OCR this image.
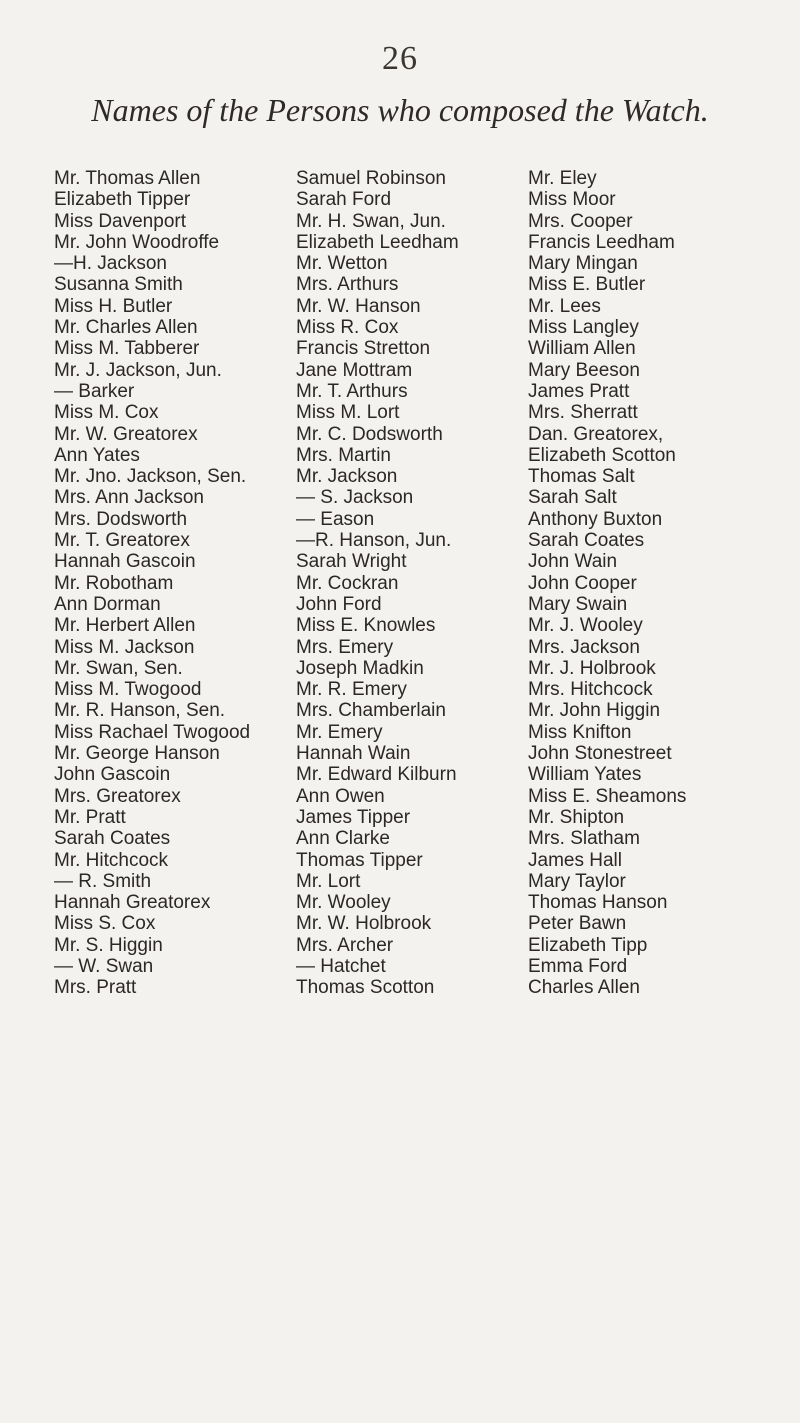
26
Names of the Persons who composed the Watch.
Mr. Thomas Allen
Elizabeth Tipper
Miss Davenport
Mr. John Woodroffe
—H. Jackson
Susanna Smith
Miss H. Butler
Mr. Charles Allen
Miss M. Tabberer
Mr. J. Jackson, Jun.
— Barker
Miss M. Cox
Mr. W. Greatorex
Ann Yates
Mr. Jno. Jackson, Sen.
Mrs. Ann Jackson
Mrs. Dodsworth
Mr. T. Greatorex
Hannah Gascoin
Mr. Robotham
Ann Dorman
Mr. Herbert Allen
Miss M. Jackson
Mr. Swan, Sen.
Miss M. Twogood
Mr. R. Hanson, Sen.
Miss Rachael Twogood
Mr. George Hanson
John Gascoin
Mrs. Greatorex
Mr. Pratt
Sarah Coates
Mr. Hitchcock
— R. Smith
Hannah Greatorex
Miss S. Cox
Mr. S. Higgin
— W. Swan
Mrs. Pratt
Samuel Robinson
Sarah Ford
Mr. H. Swan, Jun.
Elizabeth Leedham
Mr. Wetton
Mrs. Arthurs
Mr. W. Hanson
Miss R. Cox
Francis Stretton
Jane Mottram
Mr. T. Arthurs
Miss M. Lort
Mr. C. Dodsworth
Mrs. Martin
Mr. Jackson
— S. Jackson
— Eason
—R. Hanson, Jun.
Sarah Wright
Mr. Cockran
John Ford
Miss E. Knowles
Mrs. Emery
Joseph Madkin
Mr. R. Emery
Mrs. Chamberlain
Mr. Emery
Hannah Wain
Mr. Edward Kilburn
Ann Owen
James Tipper
Ann Clarke
Thomas Tipper
Mr. Lort
Mr. Wooley
Mr. W. Holbrook
Mrs. Archer
— Hatchet
Thomas Scotton
Mr. Eley
Miss Moor
Mrs. Cooper
Francis Leedham
Mary Mingan
Miss E. Butler
Mr. Lees
Miss Langley
William Allen
Mary Beeson
James Pratt
Mrs. Sherratt
Dan. Greatorex,
Elizabeth Scotton
Thomas Salt
Sarah Salt
Anthony Buxton
Sarah Coates
John Wain
John Cooper
Mary Swain
Mr. J. Wooley
Mrs. Jackson
Mr. J. Holbrook
Mrs. Hitchcock
Mr. John Higgin
Miss Knifton
John Stonestreet
William Yates
Miss E. Sheamons
Mr. Shipton
Mrs. Slatham
James Hall
Mary Taylor
Thomas Hanson
Peter Bawn
Elizabeth Tipp
Emma Ford
Charles Allen
